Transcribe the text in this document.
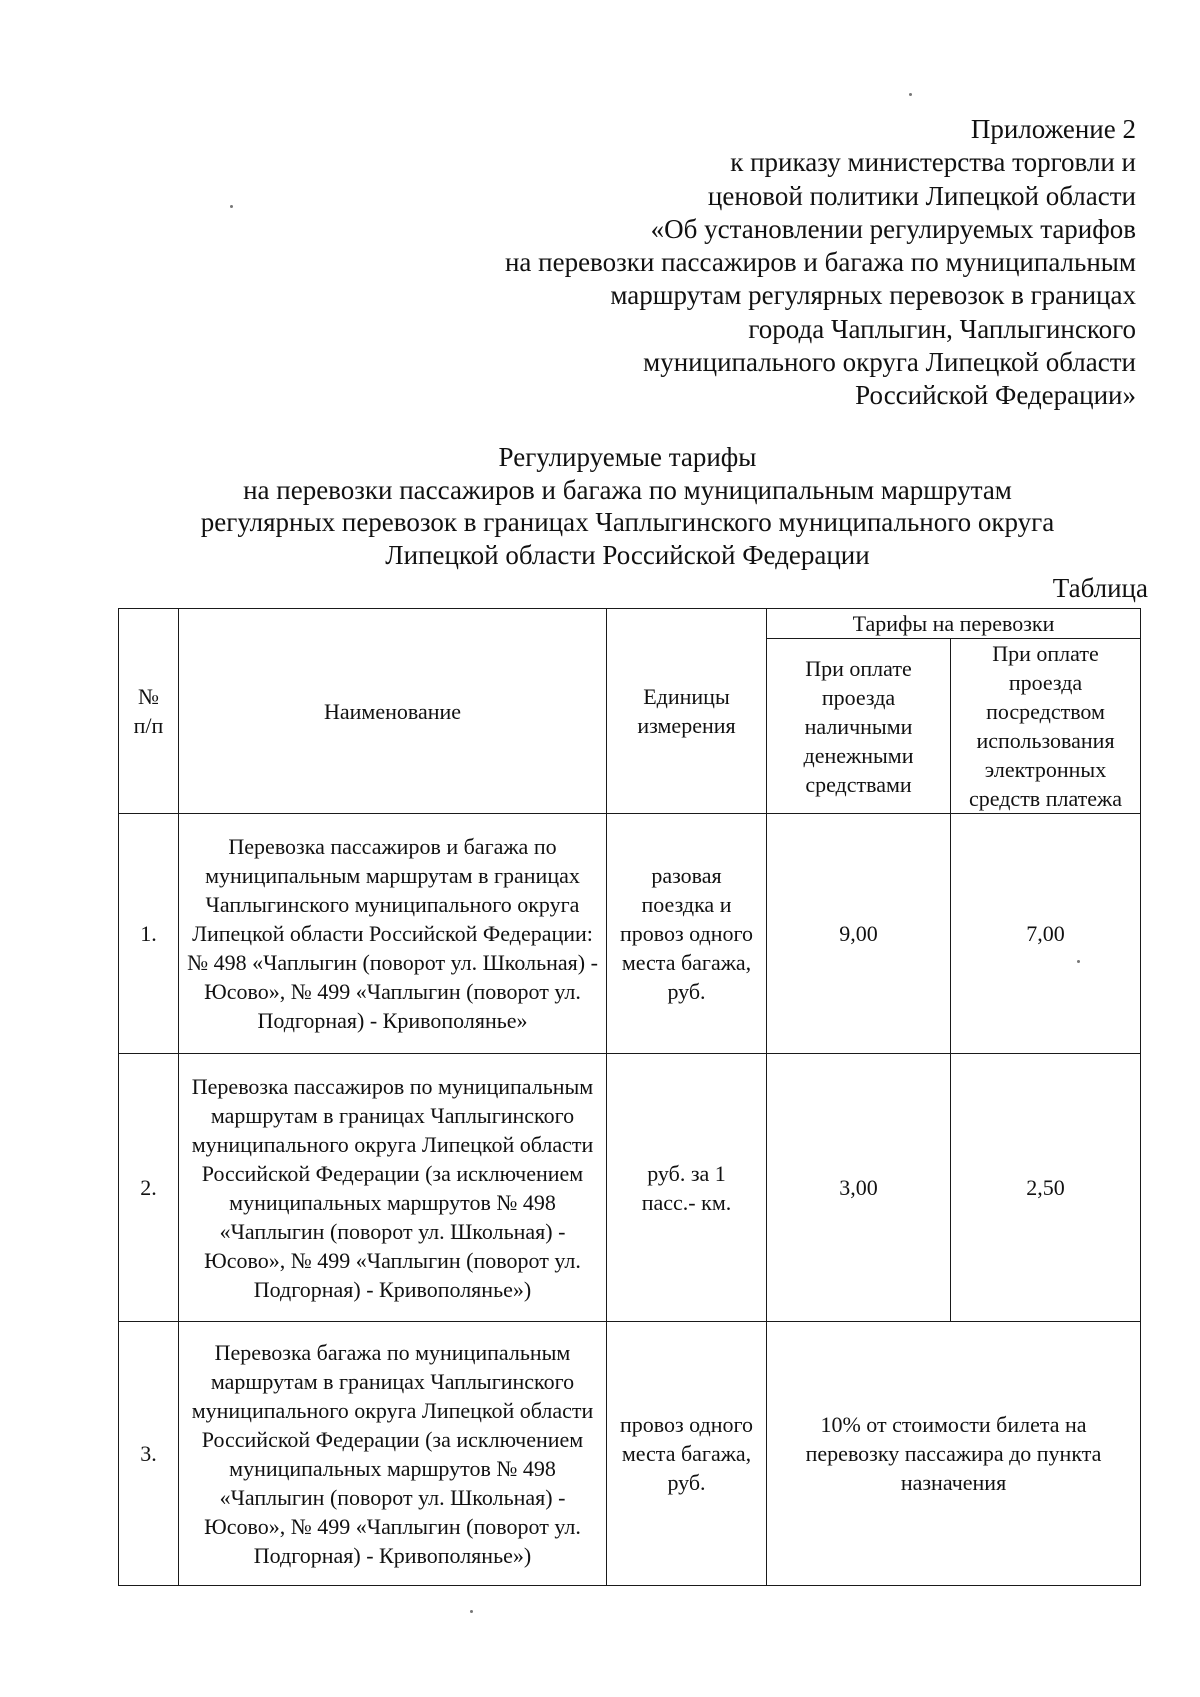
Приложение 2
к приказу министерства торговли и
ценовой политики Липецкой области
«Об установлении регулируемых тарифов
на перевозки пассажиров и багажа по муниципальным
маршрутам регулярных перевозок в границах
города Чаплыгин, Чаплыгинского
муниципального округа Липецкой области
Российской Федерации»
Регулируемые тарифы
на перевозки пассажиров и багажа по муниципальным маршрутам
регулярных перевозок в границах Чаплыгинского муниципального округа
Липецкой области Российской Федерации
Таблица
№ п/п	Наименование	Единицы измерения	Тарифы на перевозки	
			При оплате проезда наличными денежными средствами	При оплате проезда посредством использования электронных средств платежа
1.	Перевозка пассажиров и багажа по муниципальным маршрутам в границах Чаплыгинского муниципального округа Липецкой области Российской Федерации: № 498 «Чаплыгин (поворот ул. Школьная) - Юсово», № 499 «Чаплыгин (поворот ул. Подгорная) - Кривополянье»	разовая поездка и провоз одного места багажа, руб.	9,00	7,00
2.	Перевозка пассажиров по муниципальным маршрутам в границах Чаплыгинского муниципального округа Липецкой области Российской Федерации (за исключением муниципальных маршрутов № 498 «Чаплыгин (поворот ул. Школьная) - Юсово», № 499 «Чаплыгин (поворот ул. Подгорная) - Кривополянье»)	руб. за 1 пасс.- км.	3,00	2,50
3.	Перевозка багажа по муниципальным маршрутам в границах Чаплыгинского муниципального округа Липецкой области Российской Федерации (за исключением муниципальных маршрутов № 498 «Чаплыгин (поворот ул. Школьная) - Юсово», № 499 «Чаплыгин (поворот ул. Подгорная) - Кривополянье»)	провоз одного места багажа, руб.	10% от стоимости билета на перевозку пассажира до пункта назначения	
